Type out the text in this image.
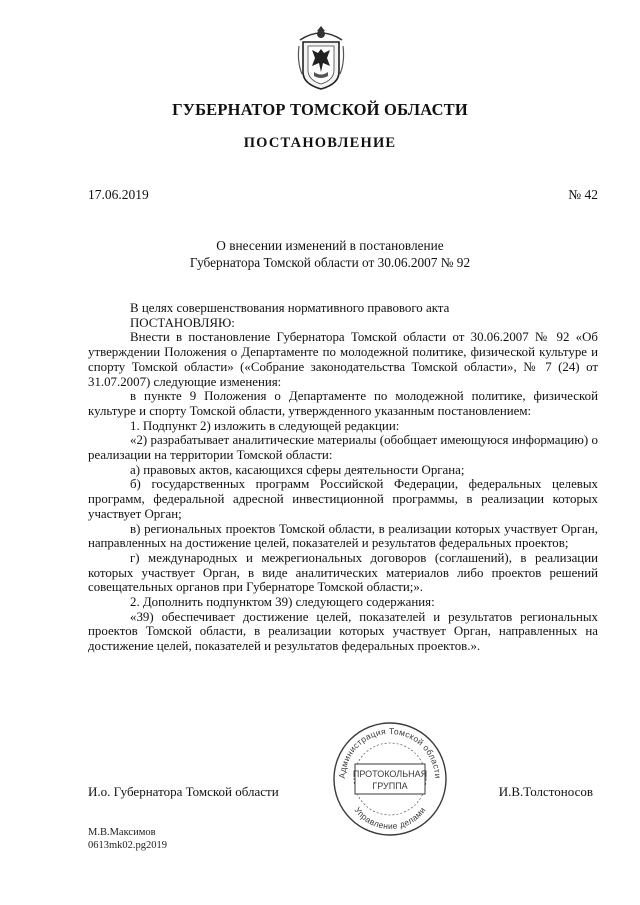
ГУБЕРНАТОР ТОМСКОЙ ОБЛАСТИ
ПОСТАНОВЛЕНИЕ
17.06.2019	№ 42
О внесении изменений в постановление
Губернатора Томской области от 30.06.2007 № 92

В целях совершенствования нормативного правового акта

ПОСТАНОВЛЯЮ:

Внести в постановление Губернатора Томской области от 30.06.2007 № 92 «Об утверждении Положения о Департаменте по молодежной политике, физической культуре и спорту Томской области» («Собрание законодательства Томской области», № 7 (24) от 31.07.2007) следующие изменения:

в пункте 9 Положения о Департаменте по молодежной политике, физической культуре и спорту Томской области, утвержденного указанным постановлением:

1. Подпункт 2) изложить в следующей редакции:

«2) разрабатывает аналитические материалы (обобщает имеющуюся информацию) о реализации на территории Томской области:

а) правовых актов, касающихся сферы деятельности Органа;

б) государственных программ Российской Федерации, федеральных целевых программ, федеральной адресной инвестиционной программы, в реализации которых участвует Орган;

в) региональных проектов Томской области, в реализации которых участвует Орган, направленных на достижение целей, показателей и результатов федеральных проектов;

г) международных и межрегиональных договоров (соглашений), в реализации которых участвует Орган, в виде аналитических материалов либо проектов решений совещательных органов при Губернаторе Томской области;».

2. Дополнить подпунктом 39) следующего содержания:

«39) обеспечивает достижение целей, показателей и результатов региональных проектов Томской области, в реализации которых участвует Орган, направленных на достижение целей, показателей и результатов федеральных проектов.».

Администрация Томской области
Управление делами
ПРОТОКОЛЬНАЯ
ГРУППА
И.о. Губернатора Томской области	И.В.Толстоносов
М.В.Максимов
0613mk02.pg2019
